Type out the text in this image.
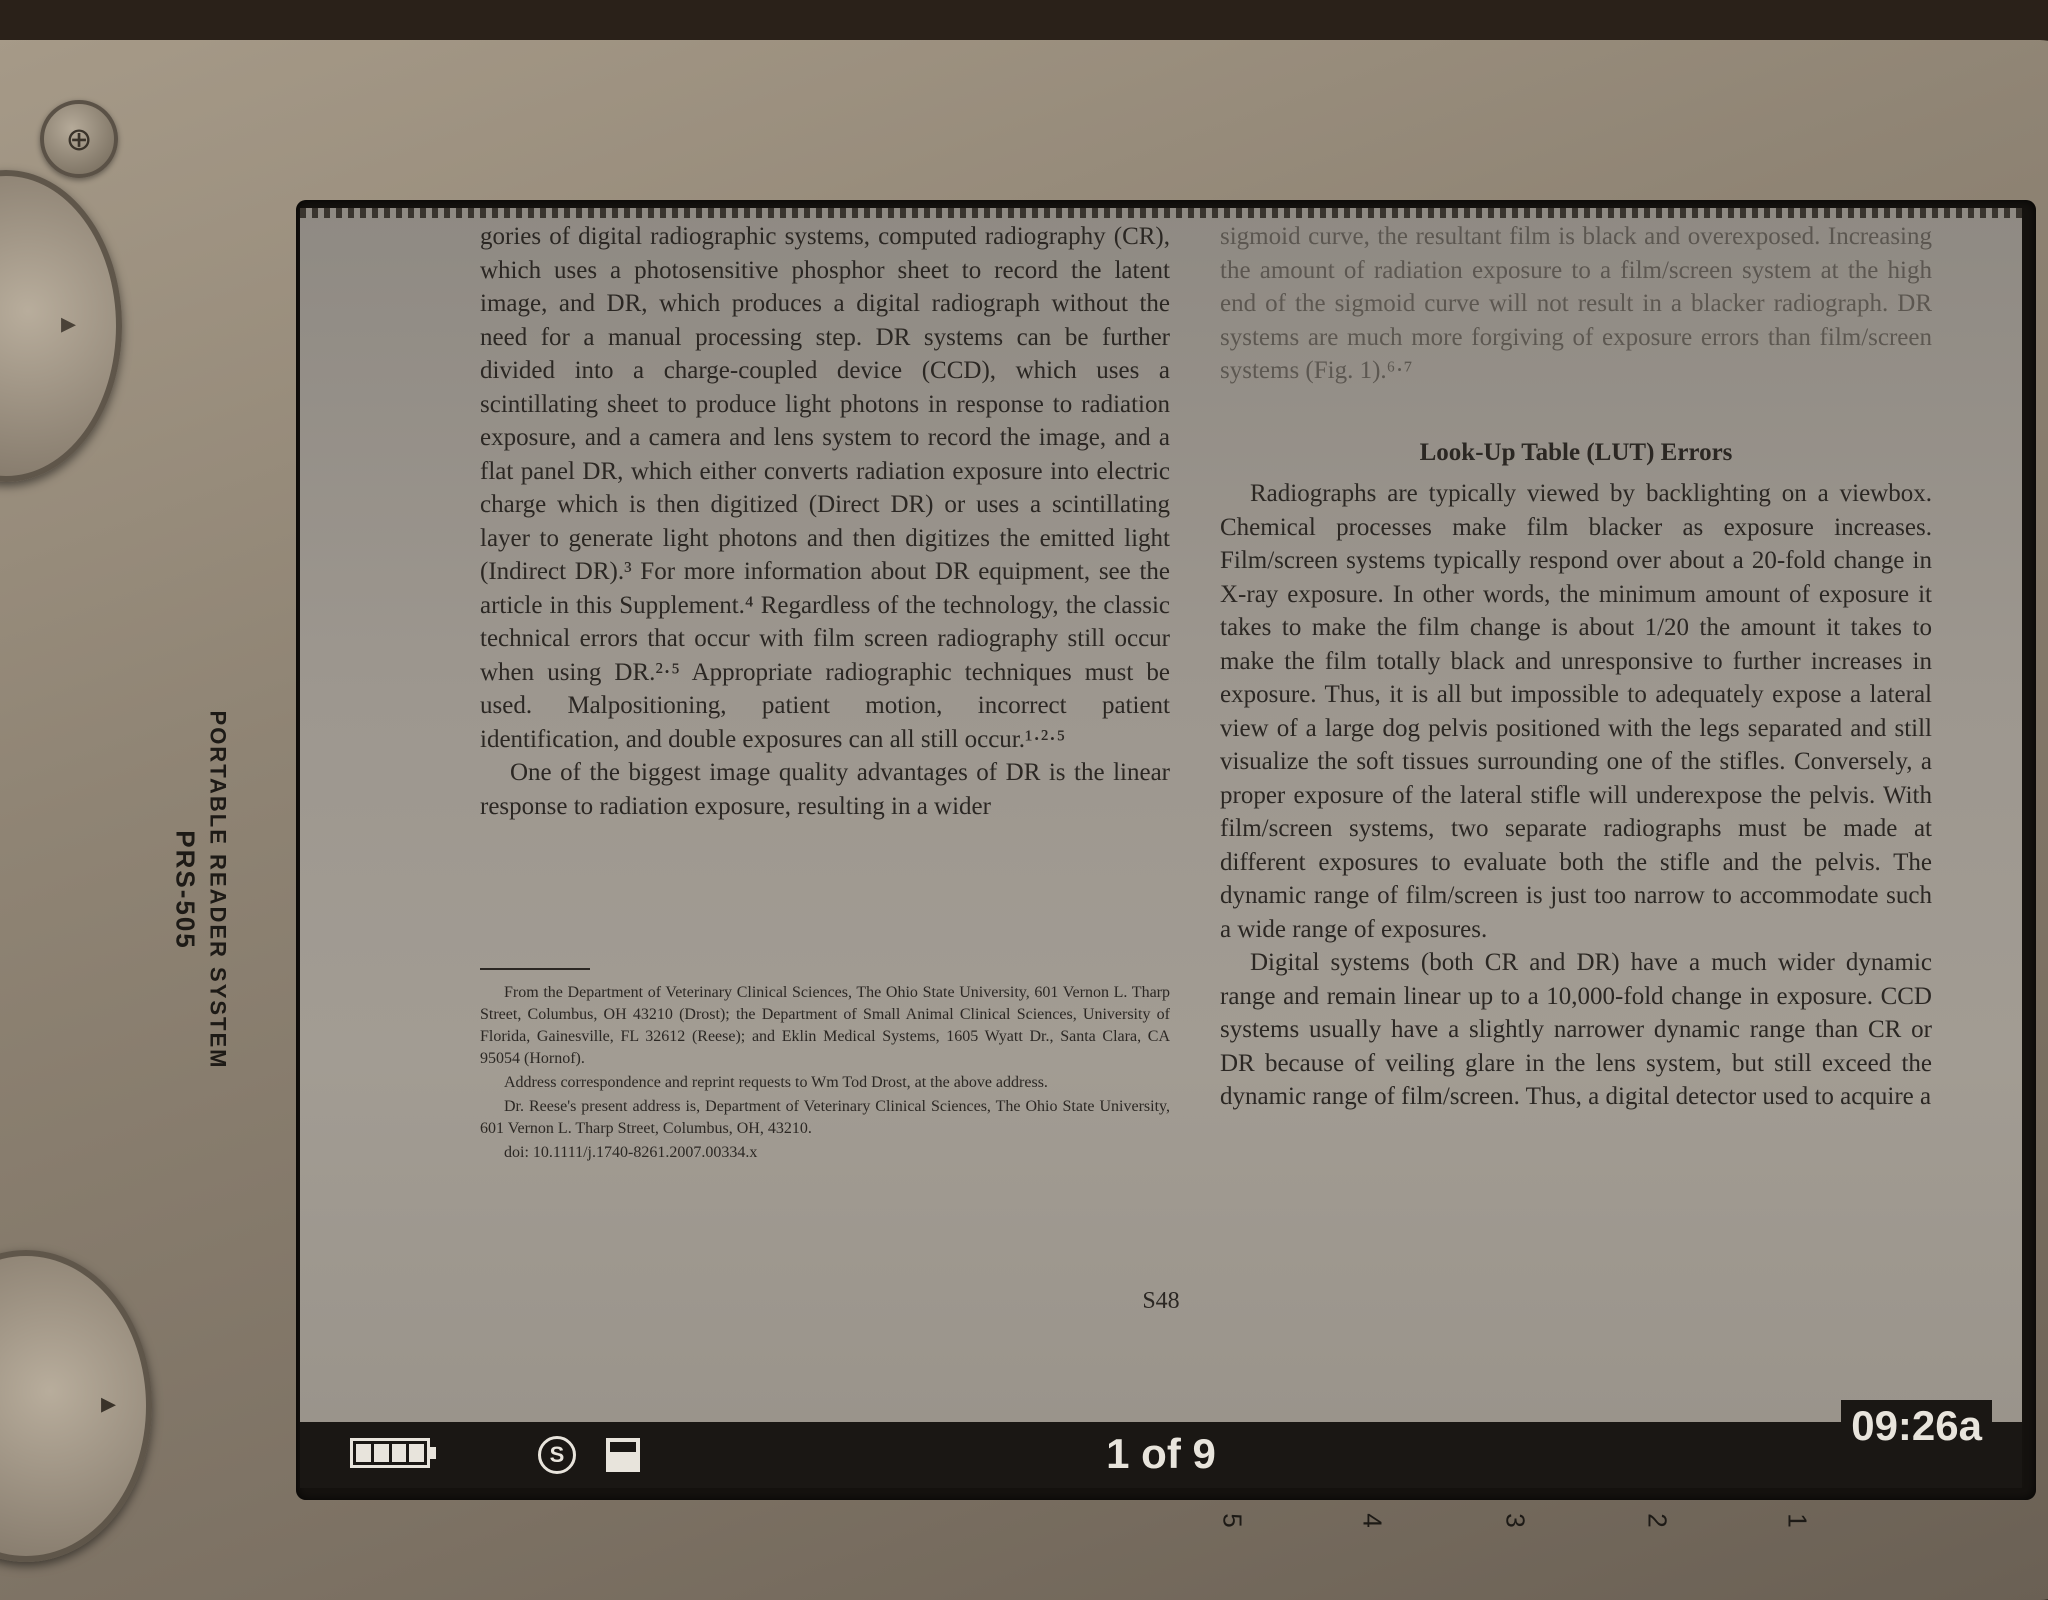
⊕
▸
▸
PORTABLE READER SYSTEM
PRS-505

gories of digital radiographic systems, computed radiography (CR), which uses a photosensitive phosphor sheet to record the latent image, and DR, which produces a digital radiograph without the need for a manual processing step. DR systems can be further divided into a charge-coupled device (CCD), which uses a scintillating sheet to produce light photons in response to radiation exposure, and a camera and lens system to record the image, and a flat panel DR, which either converts radiation exposure into electric charge which is then digitized (Direct DR) or uses a scintillating layer to generate light photons and then digitizes the emitted light (Indirect DR).³ For more information about DR equipment, see the article in this Supplement.⁴ Regardless of the technology, the classic technical errors that occur with film screen radiography still occur when using DR.²·⁵ Appropriate radiographic techniques must be used. Malpositioning, patient motion, incorrect patient identification, and double exposures can all still occur.¹·²·⁵

One of the biggest image quality advantages of DR is the linear response to radiation exposure, resulting in a wider

From the Department of Veterinary Clinical Sciences, The Ohio State University, 601 Vernon L. Tharp Street, Columbus, OH 43210 (Drost); the Department of Small Animal Clinical Sciences, University of Florida, Gainesville, FL 32612 (Reese); and Eklin Medical Systems, 1605 Wyatt Dr., Santa Clara, CA 95054 (Hornof).

Address correspondence and reprint requests to Wm Tod Drost, at the above address.

Dr. Reese's present address is, Department of Veterinary Clinical Sciences, The Ohio State University, 601 Vernon L. Tharp Street, Columbus, OH, 43210.

doi: 10.1111/j.1740-8261.2007.00334.x

sigmoid curve, the resultant film is black and overexposed. Increasing the amount of radiation exposure to a film/screen system at the high end of the sigmoid curve will not result in a blacker radiograph. DR systems are much more forgiving of exposure errors than film/screen systems (Fig. 1).⁶·⁷

Look-Up Table (LUT) Errors

Radiographs are typically viewed by backlighting on a viewbox. Chemical processes make film blacker as exposure increases. Film/screen systems typically respond over about a 20-fold change in X-ray exposure. In other words, the minimum amount of exposure it takes to make the film change is about 1/20 the amount it takes to make the film totally black and unresponsive to further increases in exposure. Thus, it is all but impossible to adequately expose a lateral view of a large dog pelvis positioned with the legs separated and still visualize the soft tissues surrounding one of the stifles. Conversely, a proper exposure of the lateral stifle will underexpose the pelvis. With film/screen systems, two separate radiographs must be made at different exposures to evaluate both the stifle and the pelvis. The dynamic range of film/screen is just too narrow to accommodate such a wide range of exposures.

Digital systems (both CR and DR) have a much wider dynamic range and remain linear up to a 10,000-fold change in exposure. CCD systems usually have a slightly narrower dynamic range than CR or DR because of veiling glare in the lens system, but still exceed the dynamic range of film/screen. Thus, a digital detector used to acquire a

S48
S	1 of 9
09:26a
1
2
3
4
5
